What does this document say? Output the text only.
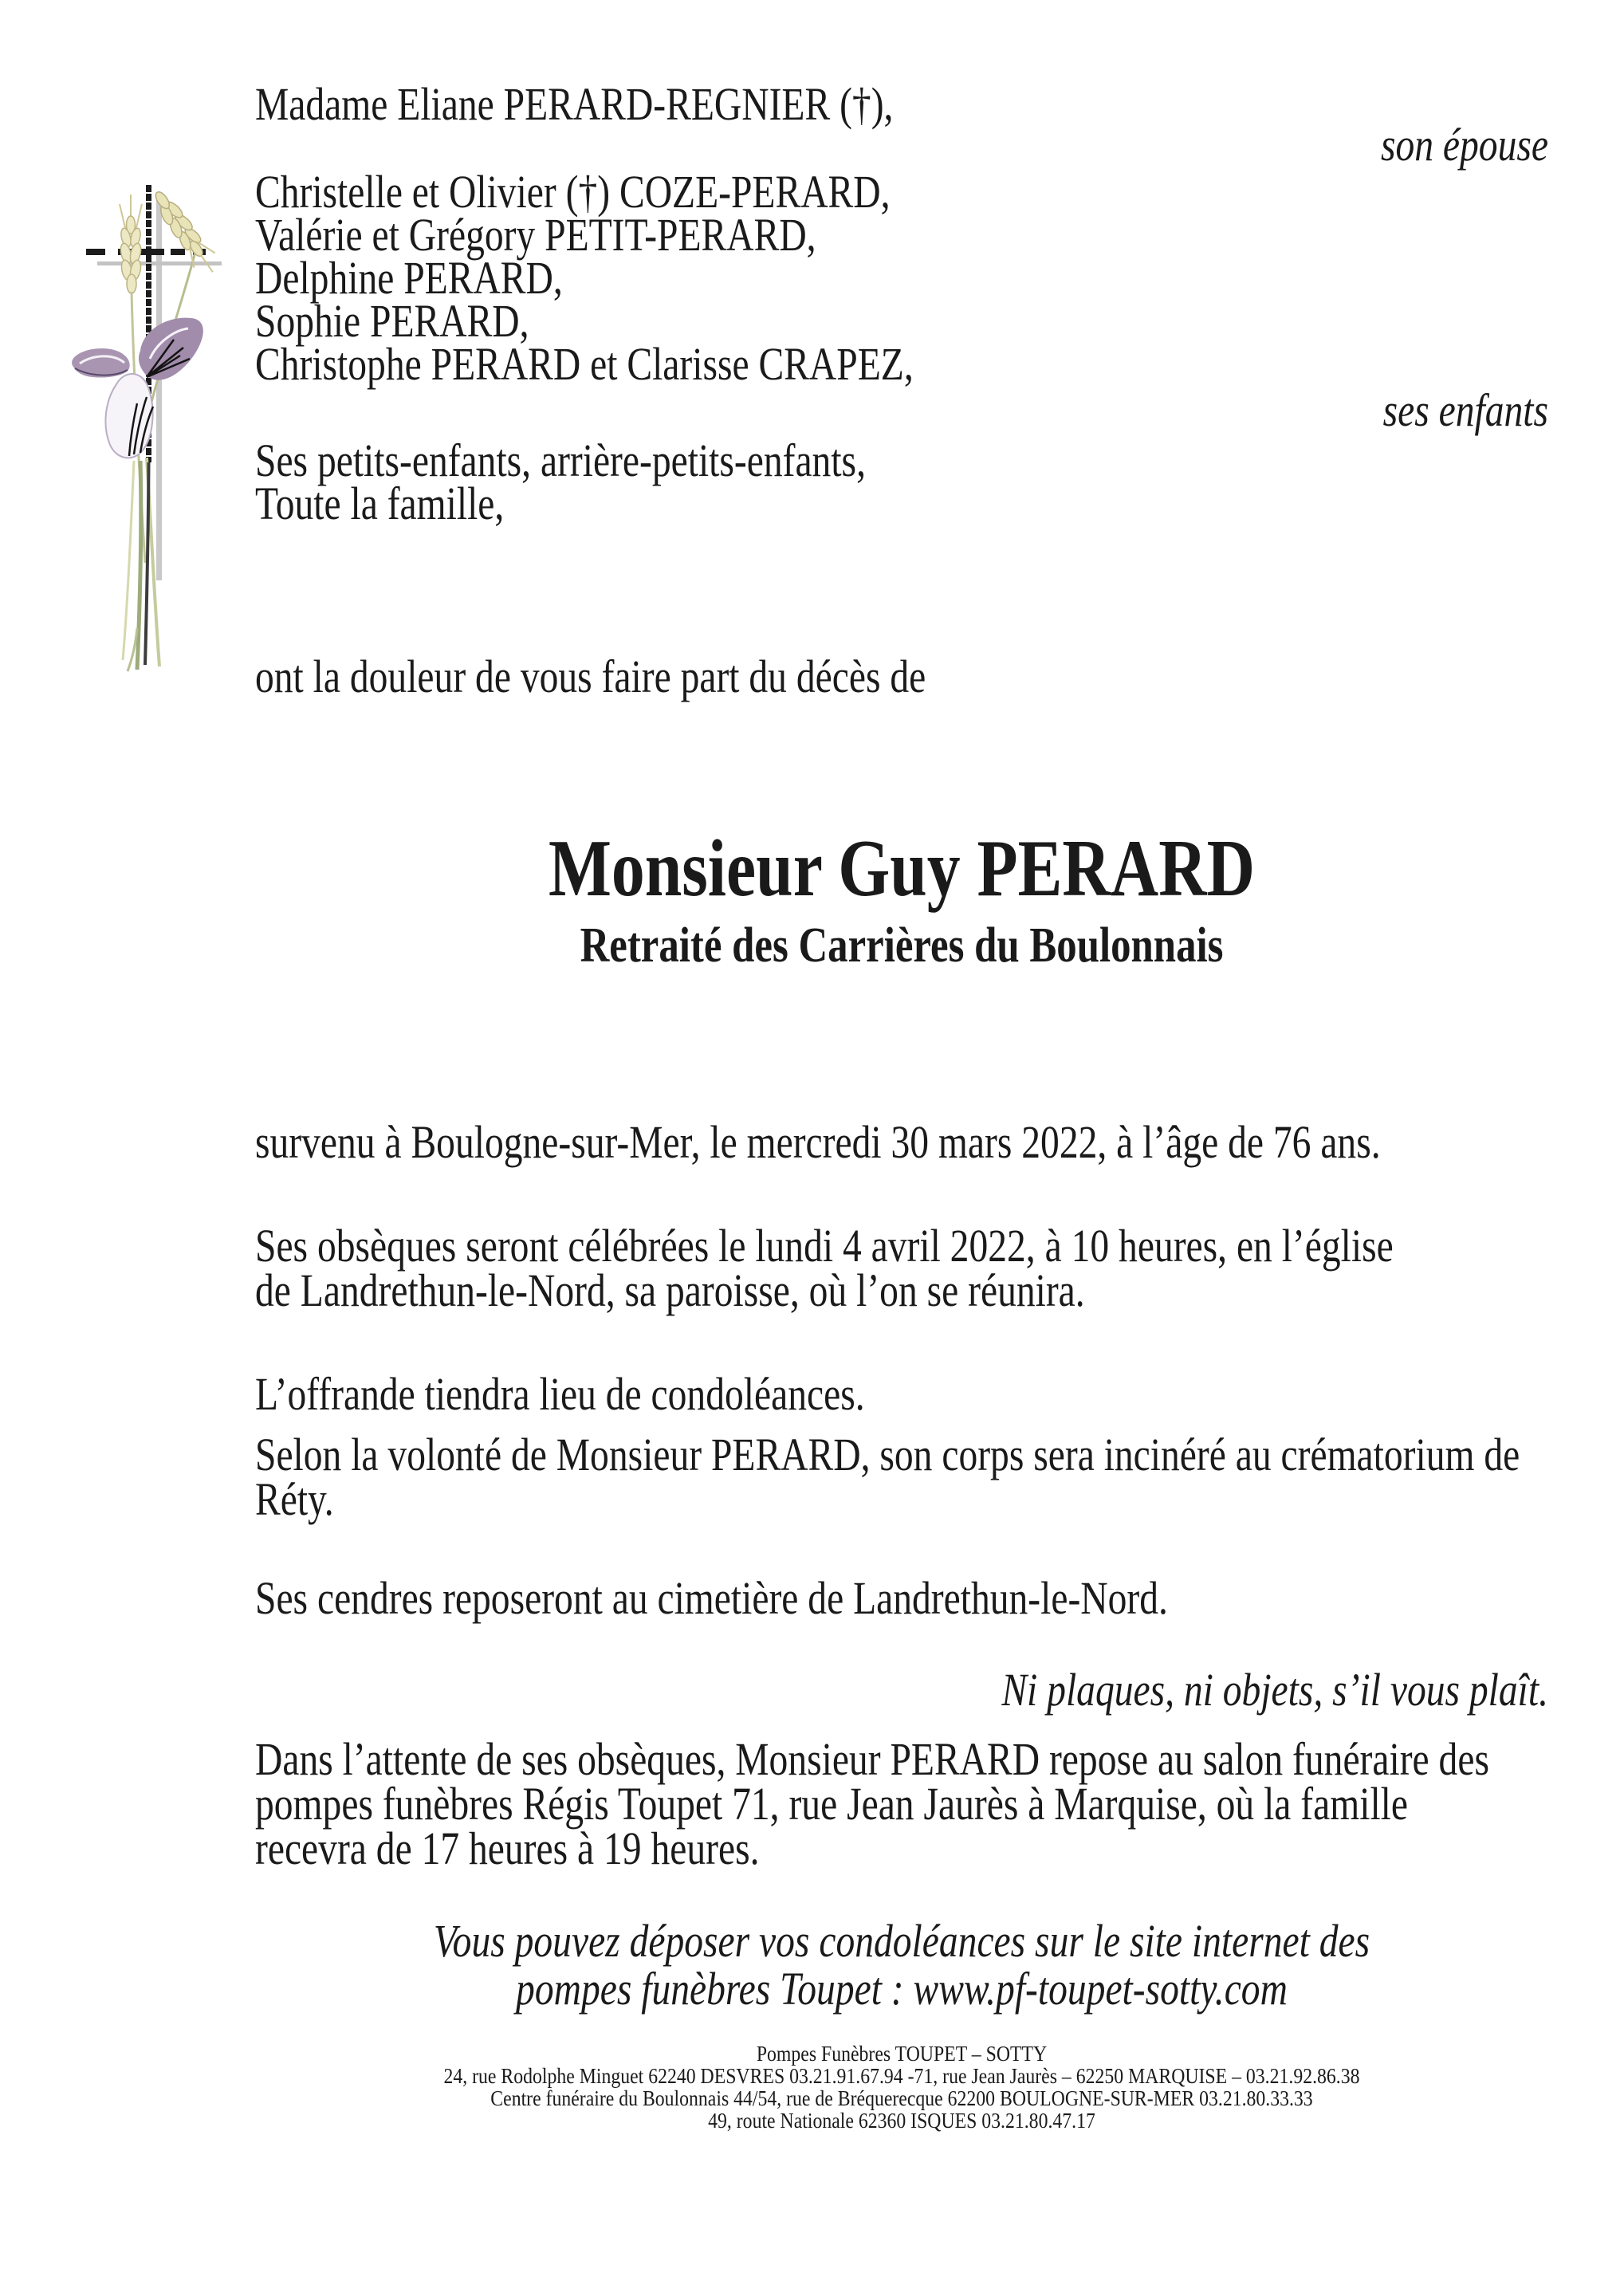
Madame Eliane PERARD-REGNIER (†),
son épouse
Christelle et Olivier (†) COZE-PERARD,
Valérie et Grégory PETIT-PERARD,
Delphine PERARD,
Sophie PERARD,
Christophe PERARD et Clarisse CRAPEZ,
ses enfants
Ses petits-enfants, arrière-petits-enfants,
Toute la famille,
ont la douleur de vous faire part du décès de
Monsieur Guy PERARD
Retraité des Carrières du Boulonnais
survenu à Boulogne-sur-Mer, le mercredi 30 mars 2022, à l’âge de 76 ans.
Ses obsèques seront célébrées le lundi 4 avril 2022, à 10 heures, en l’église
de Landrethun-le-Nord, sa paroisse, où l’on se réunira.
L’offrande tiendra lieu de condoléances.
Selon la volonté de Monsieur PERARD, son corps sera incinéré au crématorium de
Réty.
Ses cendres reposeront au cimetière de Landrethun-le-Nord.
Ni plaques, ni objets, s’il vous plaît.
Dans l’attente de ses obsèques, Monsieur PERARD repose au salon funéraire des
pompes funèbres Régis Toupet 71, rue Jean Jaurès à Marquise, où la famille
recevra de 17 heures à 19 heures.
Vous pouvez déposer vos condoléances sur le site internet des
pompes funèbres Toupet : www.pf-toupet-sotty.com
Pompes Funèbres TOUPET – SOTTY
24, rue Rodolphe Minguet 62240 DESVRES 03.21.91.67.94 -71, rue Jean Jaurès – 62250 MARQUISE – 03.21.92.86.38
Centre funéraire du Boulonnais 44/54, rue de Bréquerecque 62200 BOULOGNE-SUR-MER 03.21.80.33.33
49, route Nationale 62360 ISQUES 03.21.80.47.17
